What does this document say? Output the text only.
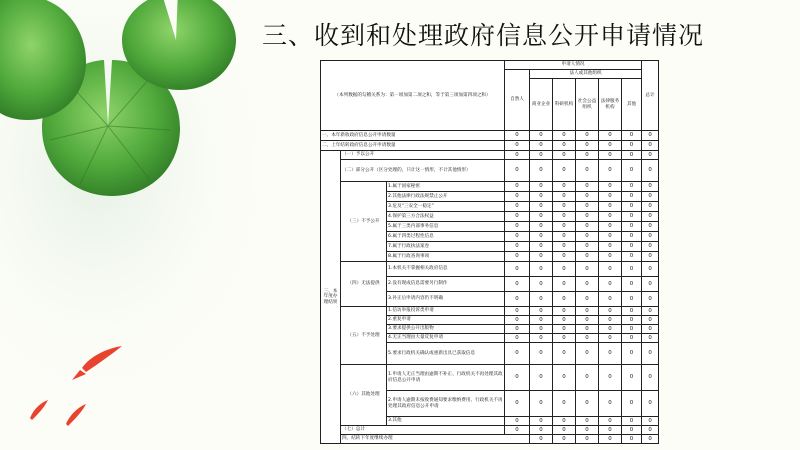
三、收到和处理政府信息公开申请情况
（本列数据的勾稽关系为：第一项加第二项之和，等于第三项加第四项之和）			申请人情况						总计	
			自然人	法人或其他组织						
				商业企业	科研机构	社会公益组织	法律服务机构	其他		
一、本年新收政府信息公开申请数量			0	0	0	0	0	0	0	
二、上年结转政府信息公开申请数量			0	0	0	0	0	0	0	
三、本年度办理结果	（一）予以公开		0	0	0	0	0	0	0	
	（二）部分公开（区分处理的，只计这一情形，不计其他情形）		0	0	0	0	0	0	0	
	（三）不予公开	1.属于国家秘密	0	0	0	0	0	0	0	
		2.其他法律行政法规禁止公开	0	0	0	0	0	0	0	
		3.危及“三安全一稳定”	0	0	0	0	0	0	0	
		4.保护第三方合法权益	0	0	0	0	0	0	0	
		5.属于三类内部事务信息	0	0	0	0	0	0	0	
		6.属于四类过程性信息	0	0	0	0	0	0	0	
		7.属于行政执法案卷	0	0	0	0	0	0	0	
		8.属于行政查询事项	0	0	0	0	0	0	0	
	（四）无法提供	1.本机关不掌握相关政府信息	0	0	0	0	0	0	0	
		2.没有现成信息需要另行制作	0	0	0	0	0	0	0	
		3.补正后申请内容仍不明确	0	0	0	0	0	0	0	
	（五）不予处理	1.信访举报投诉类申请	0	0	0	0	0	0	0	
		2.重复申请	0	0	0	0	0	0	0	
		3.要求提供公开出版物	0	0	0	0	0	0	0	
		4.无正当理由大量反复申请	0	0	0	0	0	0	0	
		5.要求行政机关确认或重新出具已获取信息	0	0	0	0	0	0	0	
	（六）其他处理	1.申请人无正当理由逾期不补正、行政机关不再处理其政府信息公开申请	0	0	0	0	0	0	0	
		2.申请人逾期未按收费通知要求缴纳费用、行政机关不再处理其政府信息公开申请	0	0	0	0	0	0	0	
		3.其他	0	0	0	0	0	0	0	
	（七）总计		0	0	0	0	0	0	0	
	四、结转下年度继续办理			0	0	0	0	0	0	
